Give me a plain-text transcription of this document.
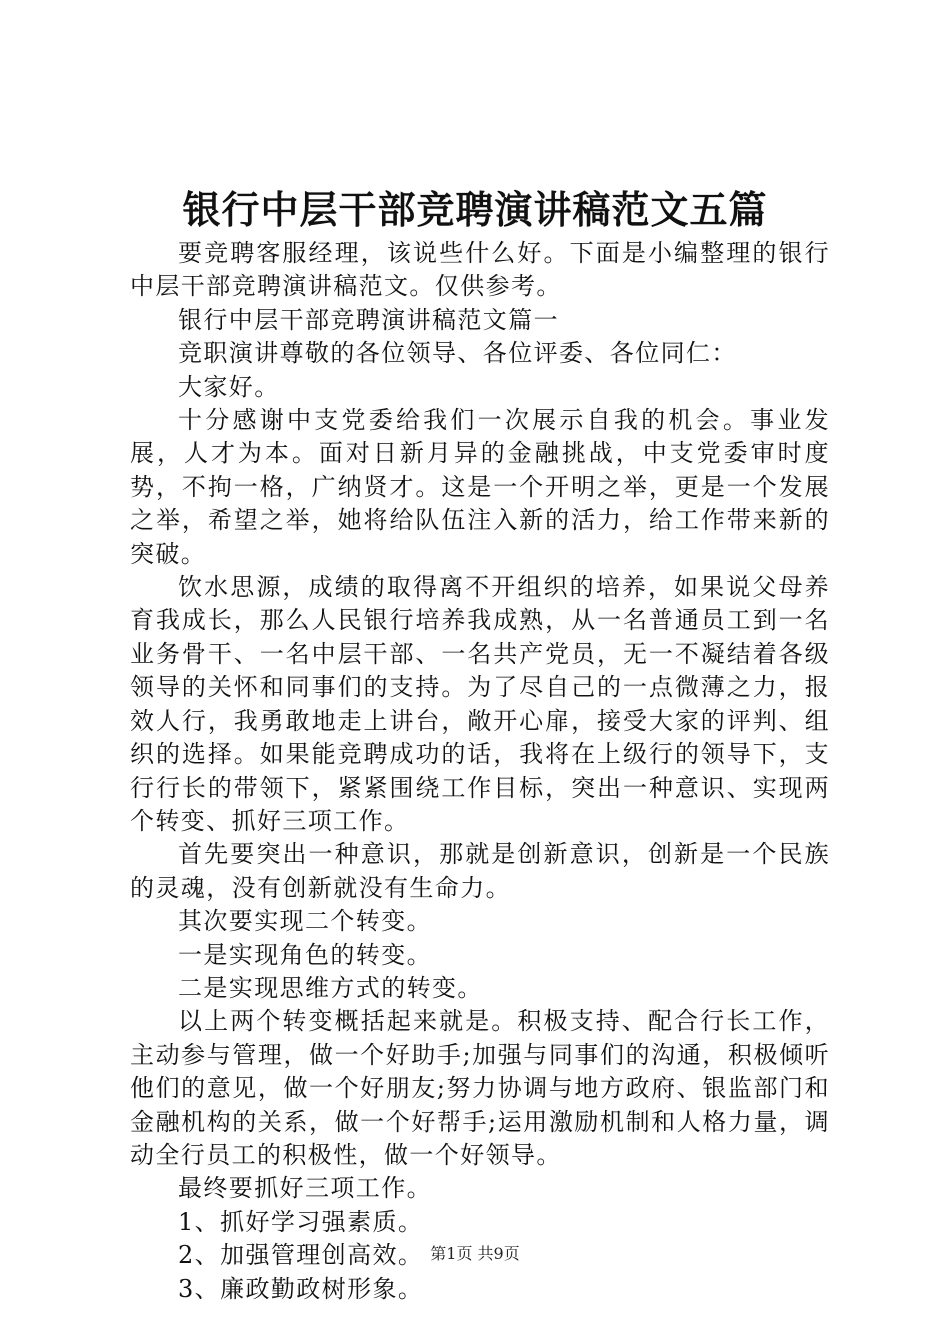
银行中层干部竞聘演讲稿范文五篇

要竞聘客服经理，该说些什么好。下面是小编整理的银行中层干部竞聘演讲稿范文。仅供参考。

银行中层干部竞聘演讲稿范文篇一

竞职演讲尊敬的各位领导、各位评委、各位同仁：

大家好。

十分感谢中支党委给我们一次展示自我的机会。事业发展，人才为本。面对日新月异的金融挑战，中支党委审时度势，不拘一格，广纳贤才。这是一个开明之举，更是一个发展之举，希望之举，她将给队伍注入新的活力，给工作带来新的突破。

饮水思源，成绩的取得离不开组织的培养，如果说父母养育我成长，那么人民银行培养我成熟，从一名普通员工到一名业务骨干、一名中层干部、一名共产党员，无一不凝结着各级领导的关怀和同事们的支持。为了尽自己的一点微薄之力，报效人行，我勇敢地走上讲台，敞开心扉，接受大家的评判、组织的选择。如果能竞聘成功的话，我将在上级行的领导下，支行行长的带领下，紧紧围绕工作目标，突出一种意识、实现两个转变、抓好三项工作。

首先要突出一种意识，那就是创新意识，创新是一个民族的灵魂，没有创新就没有生命力。

其次要实现二个转变。

一是实现角色的转变。

二是实现思维方式的转变。

以上两个转变概括起来就是。积极支持、配合行长工作，主动参与管理，做一个好助手;加强与同事们的沟通，积极倾听他们的意见，做一个好朋友;努力协调与地方政府、银监部门和金融机构的关系，做一个好帮手;运用激励机制和人格力量，调动全行员工的积极性，做一个好领导。

最终要抓好三项工作。

1、抓好学习强素质。

2、加强管理创高效。

3、廉政勤政树形象。

第1页 共9页
